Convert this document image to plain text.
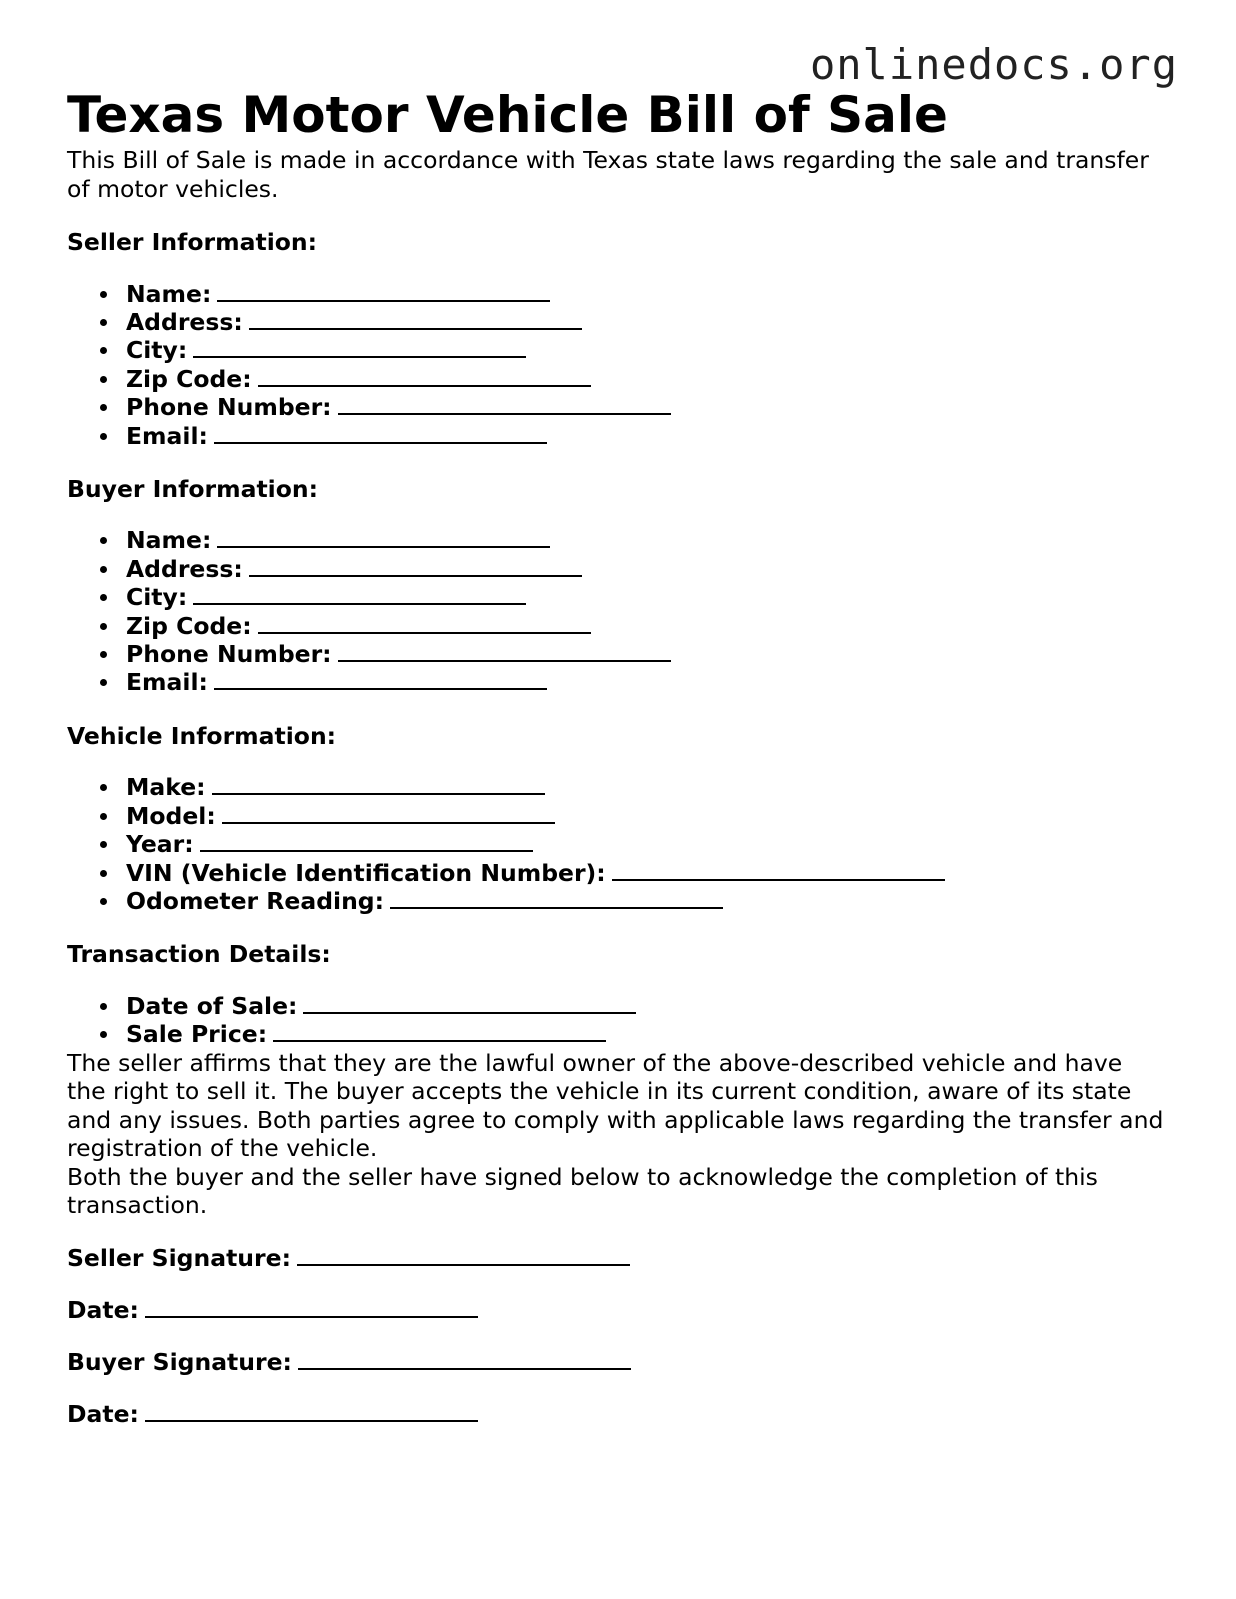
onlinedocs.org
Texas Motor Vehicle Bill of Sale

This Bill of Sale is made in accordance with Texas state laws regarding the sale and transfer of motor vehicles.

Seller Information:
Name:
Address:
City:
Zip Code:
Phone Number:
Email:
Buyer Information:
Name:
Address:
City:
Zip Code:
Phone Number:
Email:
Vehicle Information:
Make:
Model:
Year:
VIN (Vehicle Identification Number):
Odometer Reading:
Transaction Details:
Date of Sale:
Sale Price:

The seller affirms that they are the lawful owner of the above-described vehicle and have the right to sell it. The buyer accepts the vehicle in its current condition, aware of its state and any issues. Both parties agree to comply with applicable laws regarding the transfer and registration of the vehicle.

Both the buyer and the seller have signed below to acknowledge the completion of this transaction.

Seller Signature:

Date:

Buyer Signature:

Date:
